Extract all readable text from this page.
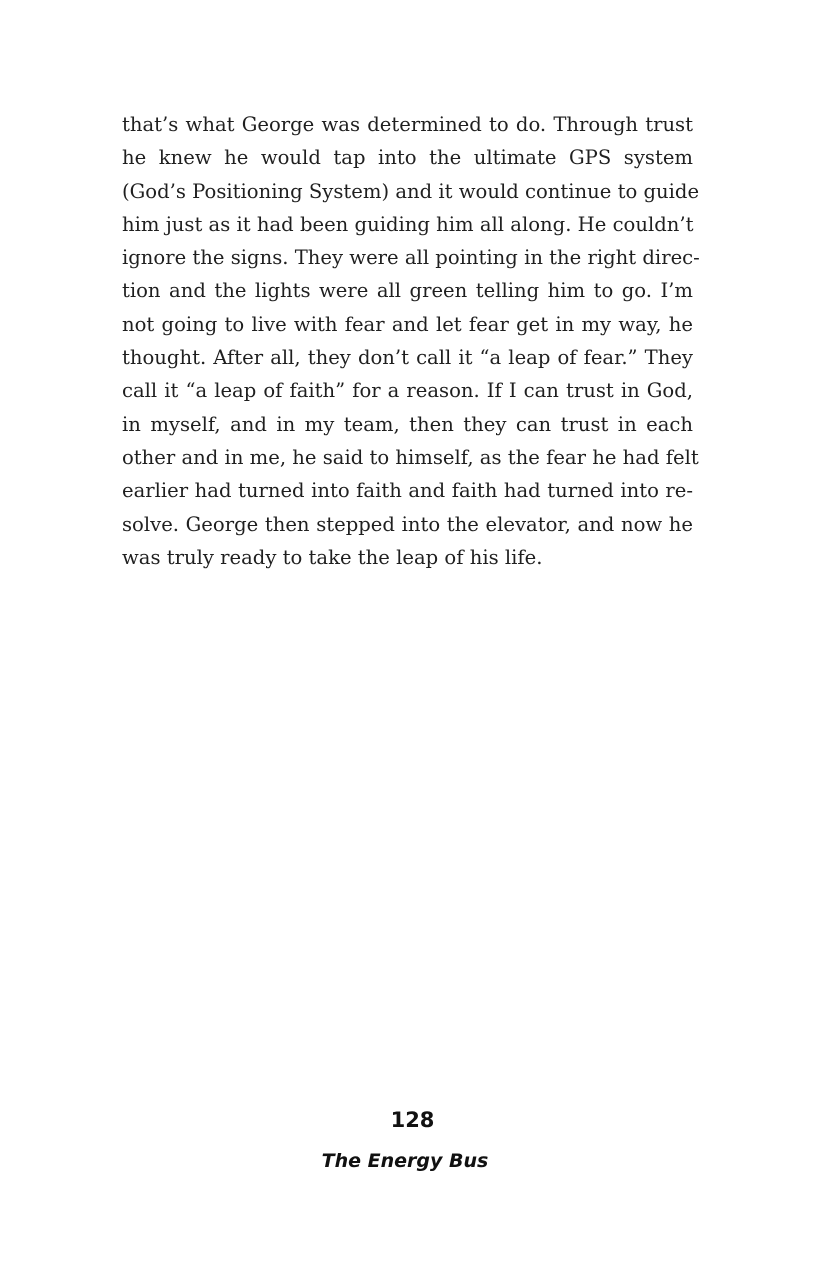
that’s what George was determined to do. Through trust
he knew he would tap into the ultimate GPS system
(God’s Positioning System) and it would continue to guide
him just as it had been guiding him all along. He couldn’t
ignore the signs. They were all pointing in the right direc-
tion and the lights were all green telling him to go. I’m
not going to live with fear and let fear get in my way, he
thought. After all, they don’t call it “a leap of fear.” They
call it “a leap of faith” for a reason. If I can trust in God,
in myself, and in my team, then they can trust in each
other and in me, he said to himself, as the fear he had felt
earlier had turned into faith and faith had turned into re-
solve. George then stepped into the elevator, and now he
was truly ready to take the leap of his life.
128
The Energy Bus
